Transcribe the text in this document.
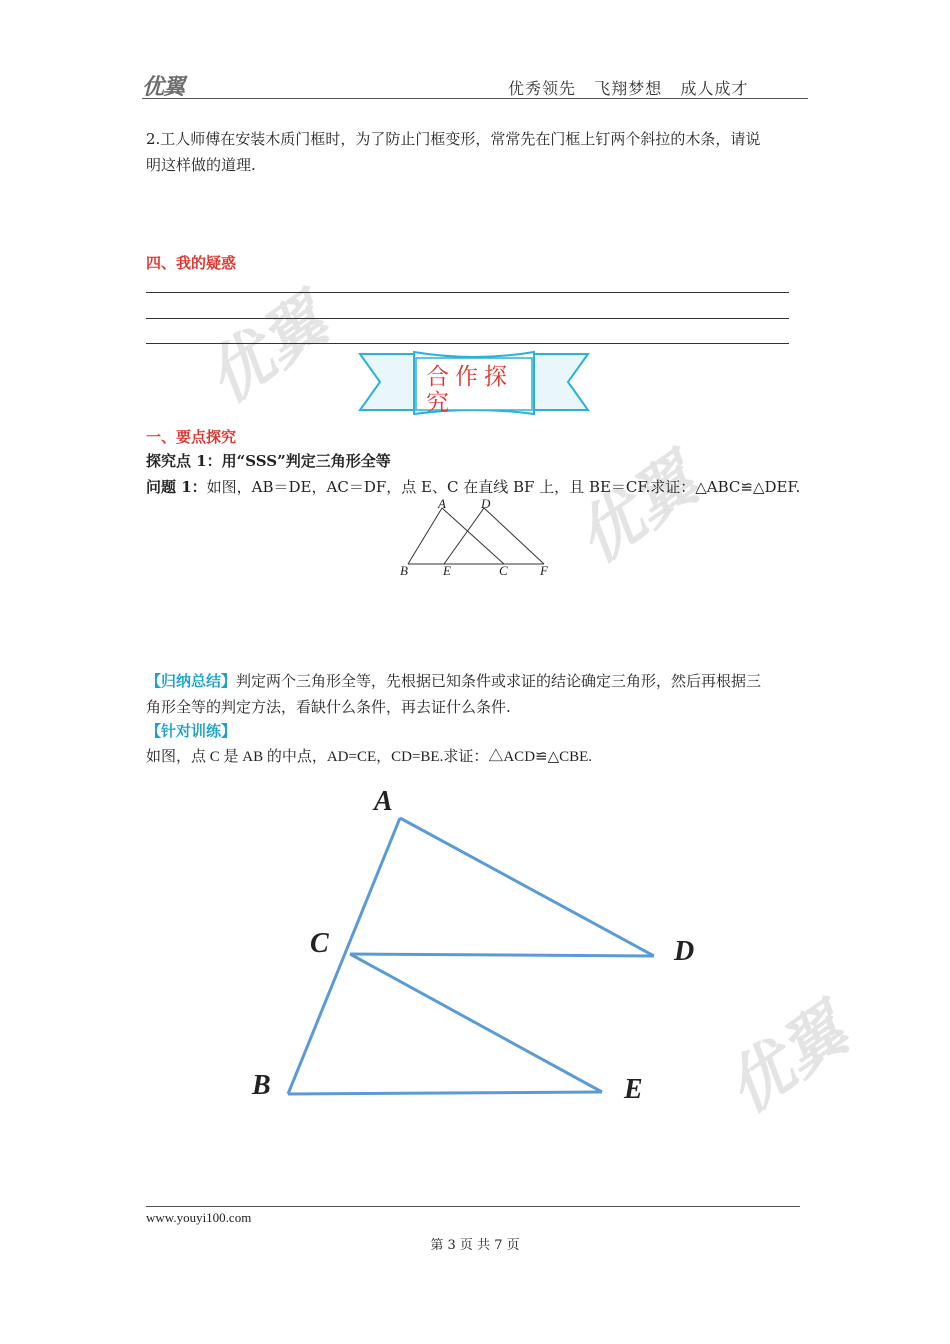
优翼
优翼
优翼
优翼	优秀领先   飞翔梦想   成人成才
2.工人师傅在安装木质门框时，为了防止门框变形，常常先在门框上钉两个斜拉的木条，请说
明这样做的道理.
四、我的疑惑
合作探究
一、要点探究
探究点 1：用“SSS”判定三角形全等
问题 1：如图，AB＝DE，AC＝DF，点 E、C 在直线 BF 上，且 BE＝CF.求证：△ABC≌△DEF.
A	D
B	E	C F
【归纳总结】判定两个三角形全等，先根据已知条件或求证的结论确定三角形，然后再根据三
角形全等的判定方法，看缺什么条件，再去证什么条件.
【针对训练】
如图，点 C 是 AB 的中点，AD=CE，CD=BE.求证：△ACD≌△CBE.
A
C	D
B	E
www.youyi100.com
第 3 页 共 7 页
